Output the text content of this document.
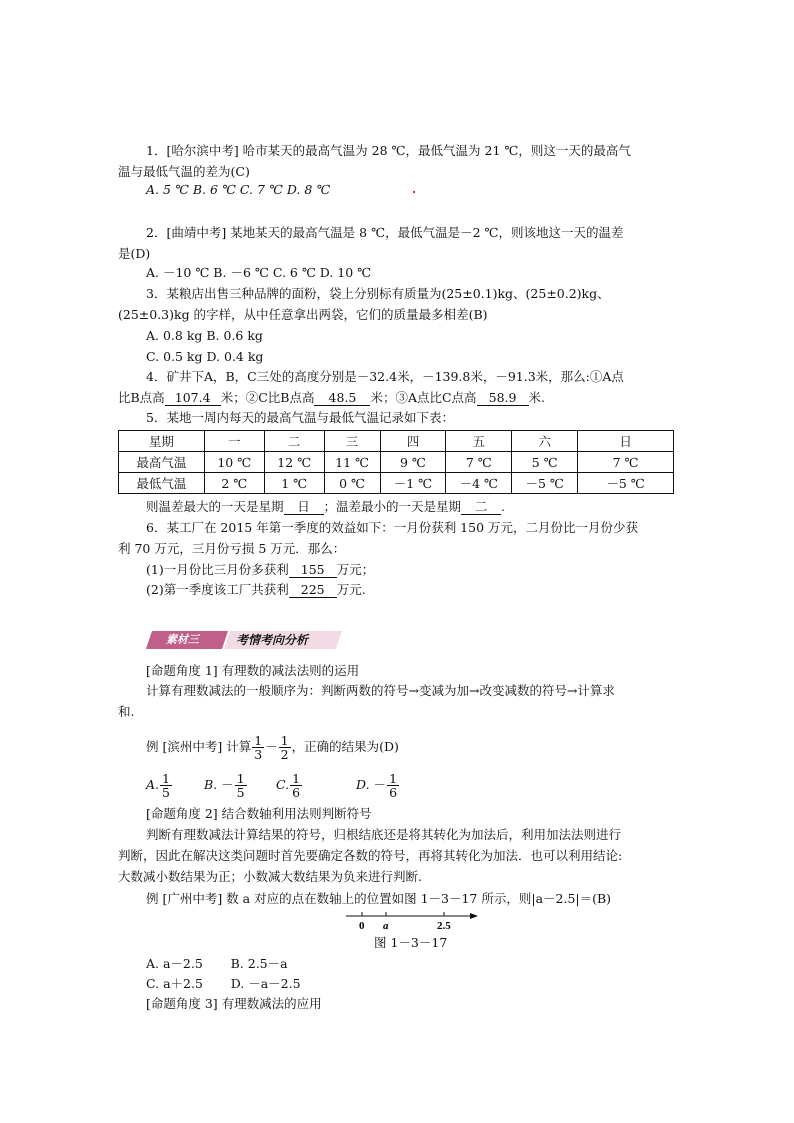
1．[哈尔滨中考] 哈市某天的最高气温为 28 ℃，最低气温为 21 ℃，则这一天的最高气
温与最低气温的差为(C)
A. 5 ℃ B. 6 ℃ C. 7 ℃ D. 8 ℃
2．[曲靖中考] 某地某天的最高气温是 8 ℃，最低气温是－2 ℃，则该地这一天的温差
是(D)
A. －10 ℃ B. －6 ℃ C. 6 ℃ D. 10 ℃
3．某粮店出售三种品牌的面粉，袋上分别标有质量为(25±0.1)kg、(25±0.2)kg、
(25±0.3)kg 的字样，从中任意拿出两袋，它们的质量最多相差(B)
A. 0.8 kg B. 0.6 kg
C. 0.5 kg D. 0.4 kg
4．矿井下A，B，C三处的高度分别是－32.4米，－139.8米，－91.3米，那么:①A点
比B点高 107.4 米；②C比B点高 48.5 米；③A点比C点高 58.9 米.
5．某地一周内每天的最高气温与最低气温记录如下表：
星期	一	二	三	四	五	六	日
最高气温	10 ℃	12 ℃	11 ℃	9 ℃	7 ℃	5 ℃	7 ℃
最低气温	2 ℃	1 ℃	0 ℃	－1 ℃	－4 ℃	－5 ℃	－5 ℃
则温差最大的一天是星期 日 ；温差最小的一天是星期 二 .
6．某工厂在 2015 年第一季度的效益如下：一月份获利 150 万元，二月份比一月份少获
利 70 万元，三月份亏损 5 万元．那么：
(1)一月份比三月份多获利 155 万元；
(2)第一季度该工厂共获利 225 万元.
素材三	考情考向分析
[命题角度 1] 有理数的减法法则的运用
计算有理数减法的一般顺序为：判断两数的符号→变减为加→改变减数的符号→计算求
和.
例 [滨州中考] 计算 $\frac{1}{3} - \frac{1}{2}$ ，正确的结果为(D)
A. $\frac{1}{5}$	B. － $\frac{1}{5} C$. $\frac{1}{6}$	D. － $\frac{1}{6}$
[命题角度 2] 结合数轴利用法则判断符号
判断有理数减法计算结果的符号，归根结底还是将其转化为加法后，利用加法法则进行
判断，因此在解决这类问题时首先要确定各数的符号，再将其转化为加法．也可以利用结论:
大数减小数结果为正；小数减大数结果为负来进行判断.
例 [广州中考] 数 a 对应的点在数轴上的位置如图 1－3－17 所示，则|a－2.5|＝(B)
0 a	2.5
图 1－3－17
A. a－2.5       B. 2.5－a
C. a＋2.5       D. －a－2.5
[命题角度 3] 有理数减法的应用
